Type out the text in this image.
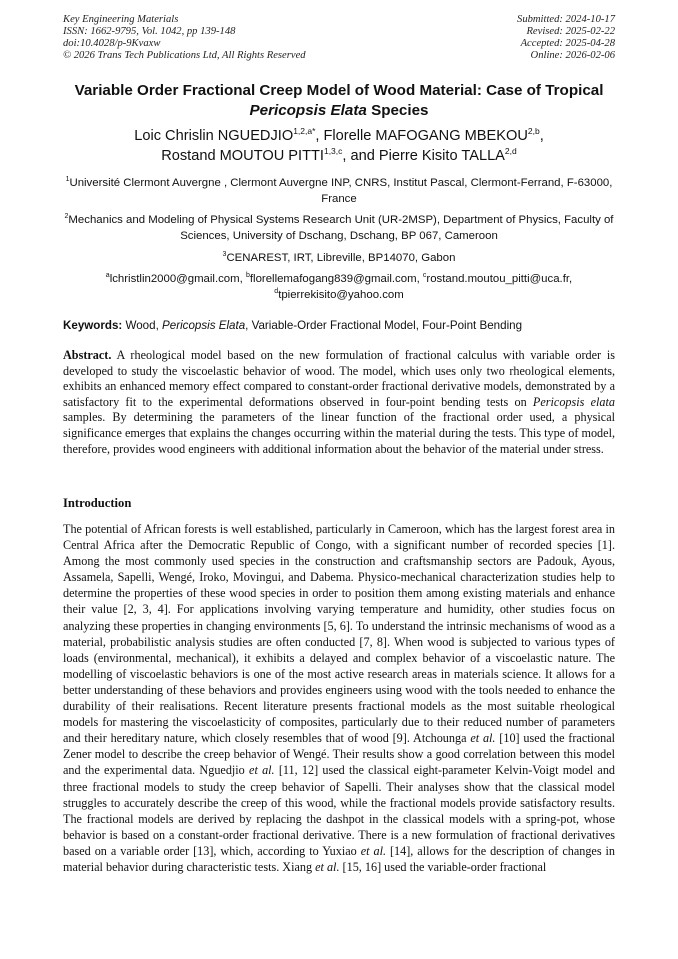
Key Engineering Materials
ISSN: 1662-9795, Vol. 1042, pp 139-148
doi:10.4028/p-9Kvaxw
© 2026 Trans Tech Publications Ltd, All Rights Reserved
Submitted: 2024-10-17
Revised: 2025-02-22
Accepted: 2025-04-28
Online: 2026-02-06
Variable Order Fractional Creep Model of Wood Material: Case of Tropical Pericopsis Elata Species
Loic Chrislin $NGUEDJIO^{1,2,a*}$, Florelle MAFOGANG MBEKOU$^{2,b}$,
Rostand MOUTOU PITTI$^{1,3,c}$, and Pierre Kisito TALLA$^{2,d}$
$^1$Université Clermont Auvergne , Clermont Auvergne INP, CNRS, Institut Pascal, Clermont-Ferrand, F-63000, France
$^2$Mechanics and Modeling of Physical Systems Research Unit (UR-2MSP), Department of Physics, Faculty of Sciences, University of Dschang, Dschang, BP 067, Cameroon
$^3$CENAREST, IRT, Libreville, BP14070, Gabon
$^a$lchristlin2000@gmail.com, $^b$florellemafogang839@gmail.com, $^c$rostand.moutou_pitti@uca.fr,
$^d$tpierrekisito@yahoo.com
Keywords: Wood, Pericopsis Elata, Variable-Order Fractional Model, Four-Point Bending
Abstract. A rheological model based on the new formulation of fractional calculus with variable order is developed to study the viscoelastic behavior of wood. The model, which uses only two rheological elements, exhibits an enhanced memory effect compared to constant-order fractional derivative models, demonstrated by a satisfactory fit to the experimental deformations observed in four-point bending tests on Pericopsis elata samples. By determining the parameters of the linear function of the fractional order used, a physical significance emerges that explains the changes occurring within the material during the tests. This type of model, therefore, provides wood engineers with additional information about the behavior of the material under stress.
Introduction
The potential of African forests is well established, particularly in Cameroon, which has the largest forest area in Central Africa after the Democratic Republic of Congo, with a significant number of recorded species [1]. Among the most commonly used species in the construction and craftsmanship sectors are Padouk, Ayous, Assamela, Sapelli, Wengé, Iroko, Movingui, and Dabema. Physico-mechanical characterization studies help to determine the properties of these wood species in order to position them among existing materials and enhance their value [2, 3, 4]. For applications involving varying temperature and humidity, other studies focus on analyzing these properties in changing environments [5, 6]. To understand the intrinsic mechanisms of wood as a material, probabilistic analysis studies are often conducted [7, 8]. When wood is subjected to various types of loads (environmental, mechanical), it exhibits a delayed and complex behavior of a viscoelastic nature. The modelling of viscoelastic behaviors is one of the most active research areas in materials science. It allows for a better understanding of these behaviors and provides engineers using wood with the tools needed to enhance the durability of their realisations. Recent literature presents fractional models as the most suitable rheological models for mastering the viscoelasticity of composites, particularly due to their reduced number of parameters and their hereditary nature, which closely resembles that of wood [9]. Atchounga et al. [10] used the fractional Zener model to describe the creep behavior of Wengé. Their results show a good correlation between this model and the experimental data. Nguedjio et al. [11, 12] used the classical eight-parameter Kelvin-Voigt model and three fractional models to study the creep behavior of Sapelli. Their analyses show that the classical model struggles to accurately describe the creep of this wood, while the fractional models provide satisfactory results. The fractional models are derived by replacing the dashpot in the classical models with a spring-pot, whose behavior is based on a constant-order fractional derivative. There is a new formulation of fractional derivatives based on a variable order [13], which, according to Yuxiao et al. [14], allows for the description of changes in material behavior during characteristic tests. Xiang et al. [15, 16] used the variable-order fractional
